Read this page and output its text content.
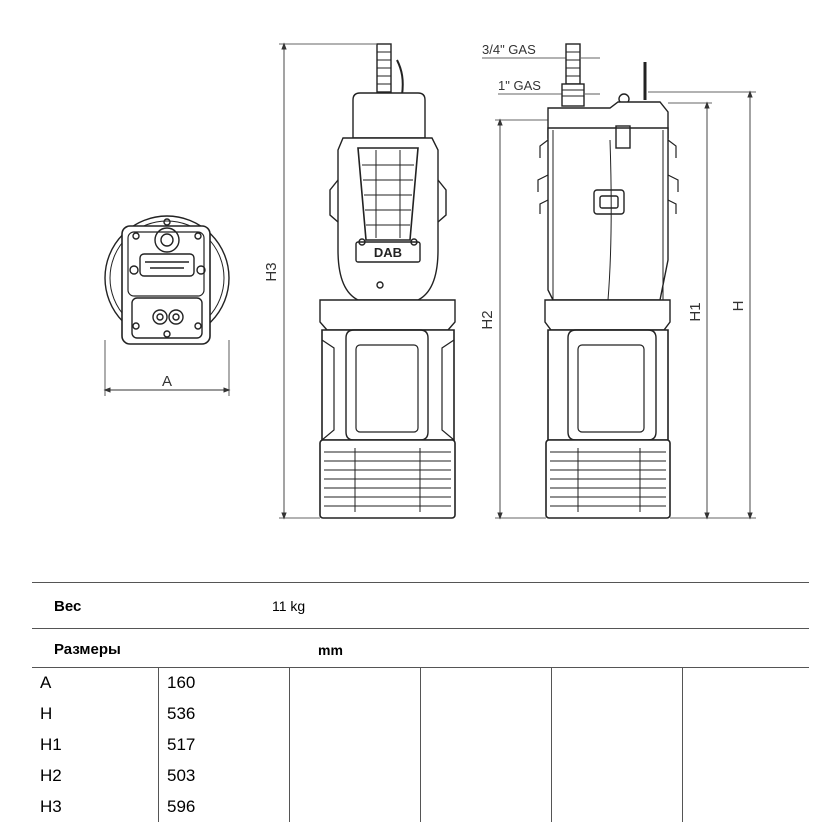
A
DAB
H3
3/4" GAS
1" GAS
H2	H1 H
Вес	11 kg
Размеры	mm
A	160				
H	536				
H1	517				
H2	503				
H3	596				
